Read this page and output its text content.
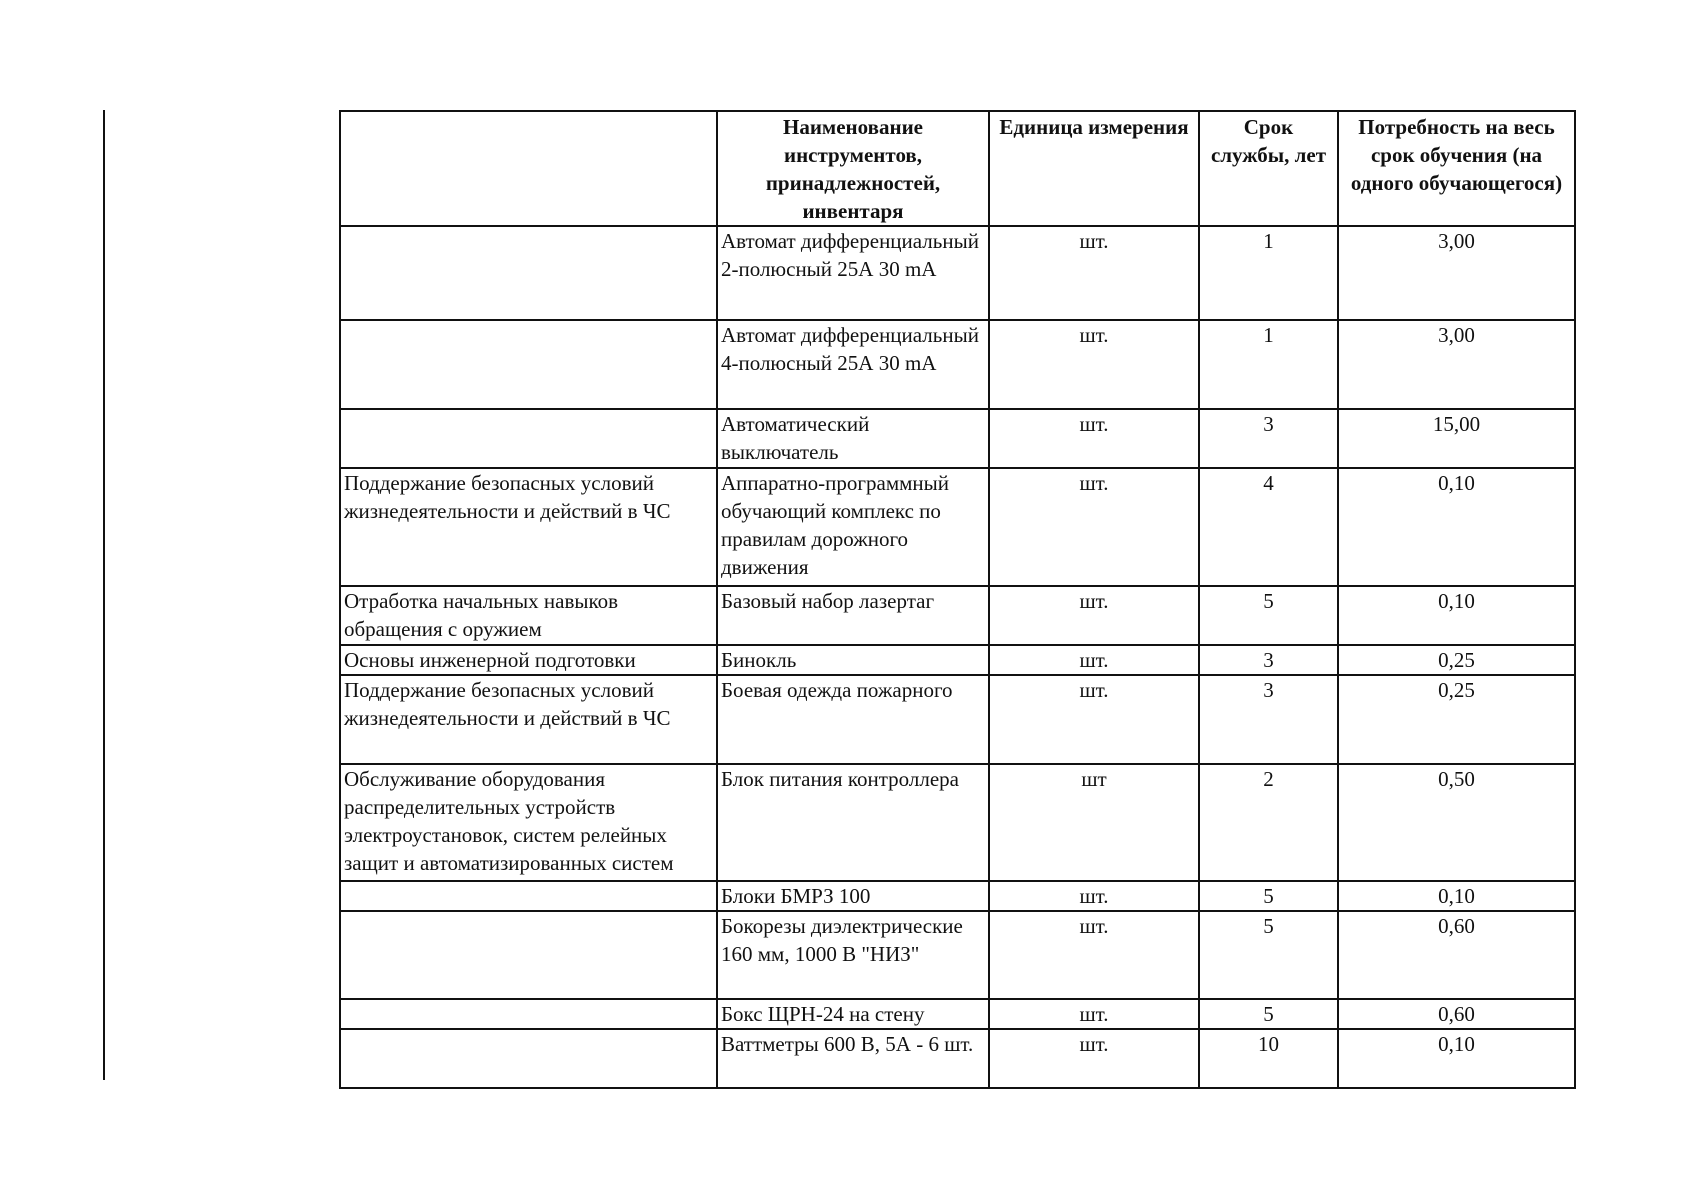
	Наименование инструментов, принадлежностей, инвентаря	Единица измерения	Срок службы, лет	Потребность на весь срок обучения (на одного обучающегося)
	Автомат дифференциальный 2-полюсный 25А 30 mA	шт.	1	3,00
	Автомат дифференциальный 4-полюсный 25А 30 mA	шт.	1	3,00
	Автоматический выключатель	шт.	3	15,00
Поддержание безопасных условий жизнедеятельности и действий в ЧС	Аппаратно-программный обучающий комплекс по правилам дорожного движения	шт.	4	0,10
Отработка начальных навыков обращения с оружием	Базовый набор лазертаг	шт.	5	0,10
Основы инженерной подготовки	Бинокль	шт.	3	0,25
Поддержание безопасных условий жизнедеятельности и действий в ЧС	Боевая одежда пожарного	шт.	3	0,25
Обслуживание оборудования распределительных устройств электроустановок, систем релейных защит и автоматизированных систем	Блок питания контроллера	шт	2	0,50
	Блоки БМРЗ 100	шт.	5	0,10
	Бокорезы диэлектрические 160 мм, 1000 В "НИЗ"	шт.	5	0,60
	Бокс ЩРН-24 на стену	шт.	5	0,60
	Ваттметры 600 В, 5А - 6 шт.	шт.	10	0,10
